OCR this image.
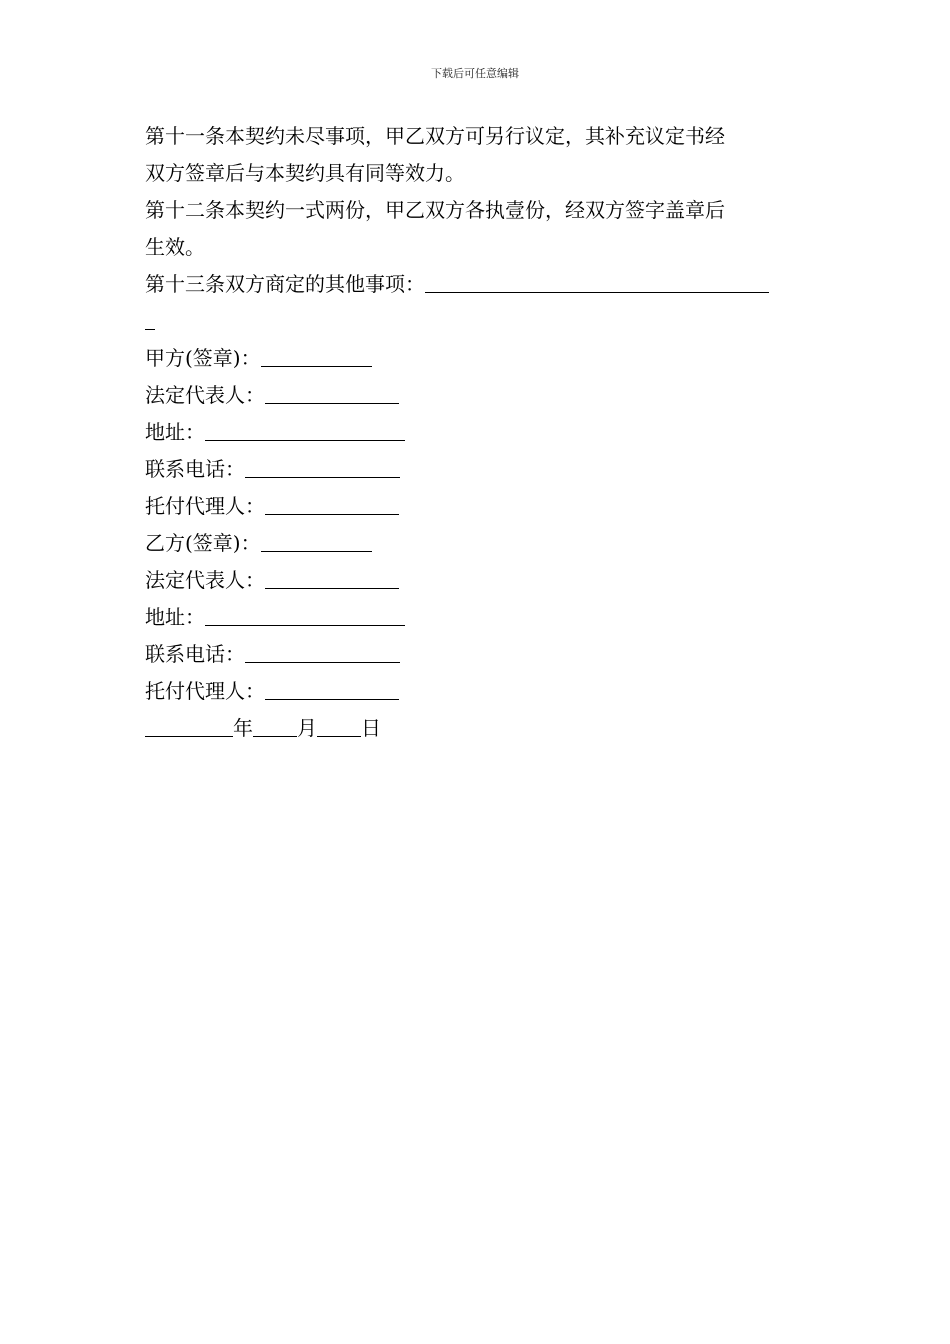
下载后可任意编辑

第十一条本契约未尽事项，甲乙双方可另行议定，其补充议定书经

双方签章后与本契约具有同等效力。

第十二条本契约一式两份，甲乙双方各执壹份，经双方签字盖章后

生效。

第十三条双方商定的其他事项：

甲方(签章)：

法定代表人：

地址：

联系电话：

托付代理人：

乙方(签章)：

法定代表人：

地址：

联系电话：

托付代理人：

年 月 日
